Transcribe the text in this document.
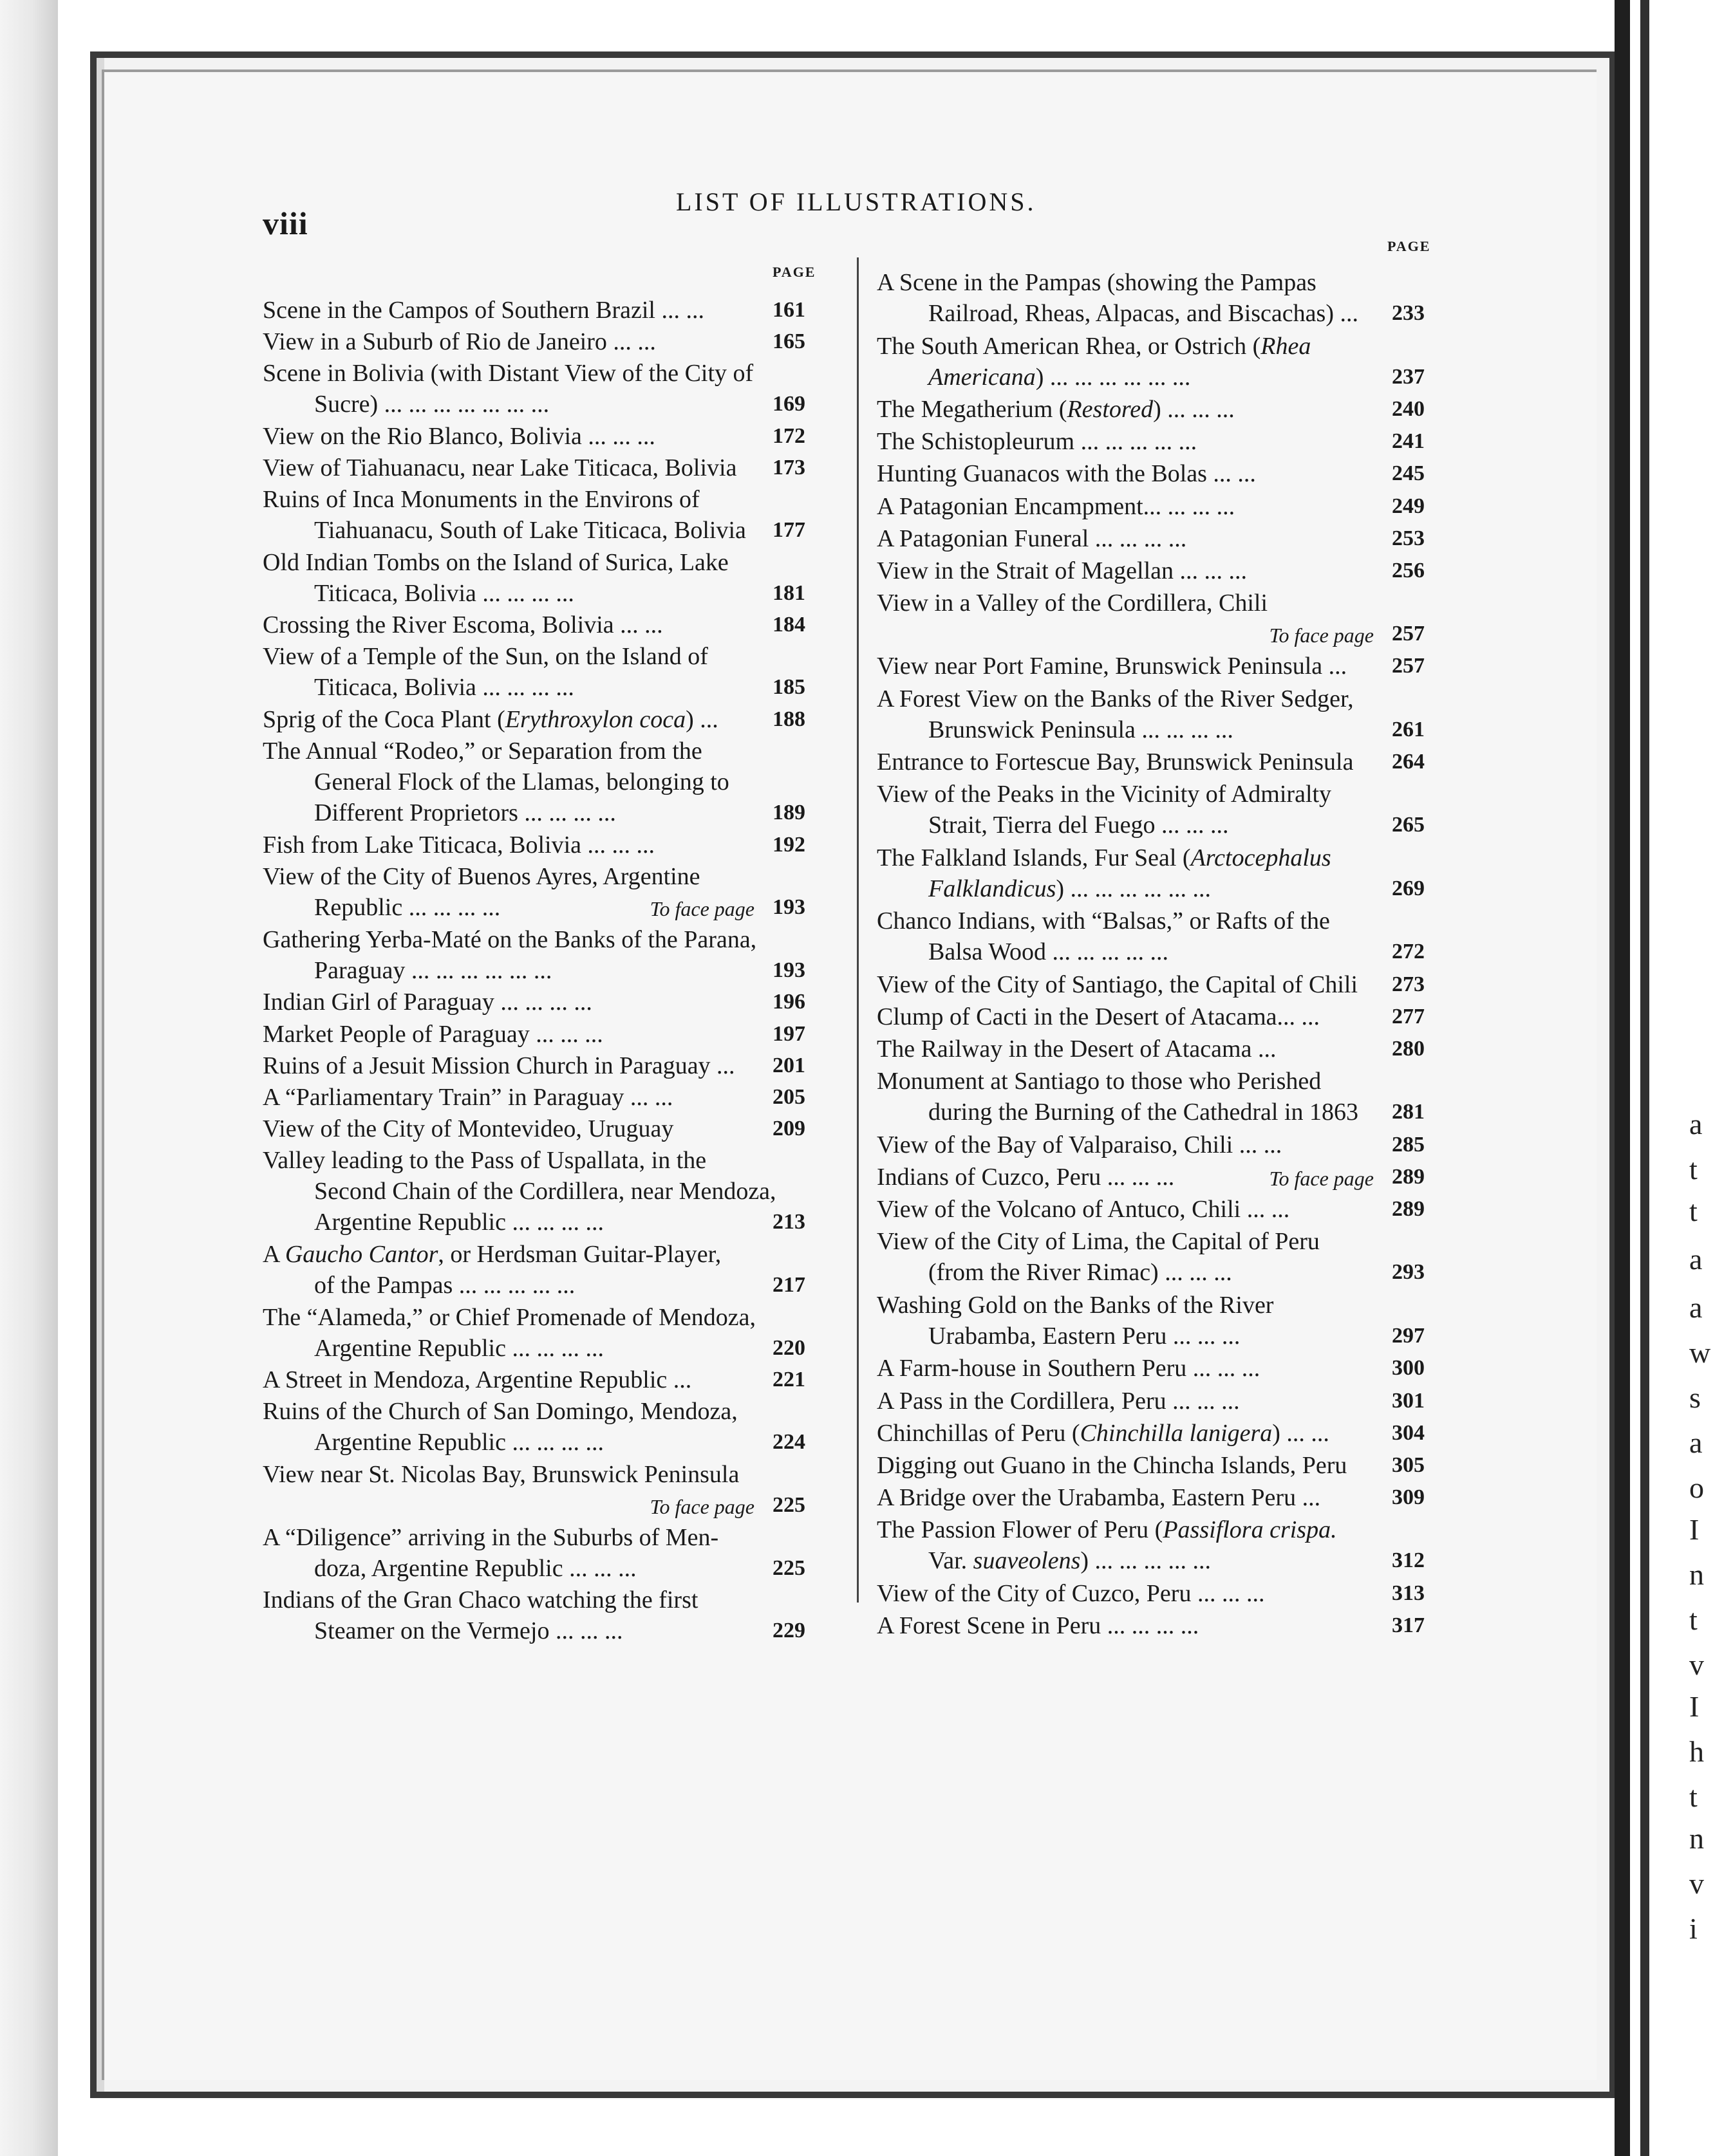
a
t
t
a
a
w
s
a
o
I
n
t
v
I
h
t
n
v
i
viii
LIST OF ILLUSTRATIONS.
PAGE
PAGE
Scene in the Campos of Southern Brazil ... ...	161
View in a Suburb of Rio de Janeiro ... ...	165
Scene in Bolivia (with Distant View of the City of
Sucre) ... ... ... ... ... ... ...	169
View on the Rio Blanco, Bolivia ... ... ...	172
View of Tiahuanacu, near Lake Titicaca, Bolivia 173
Ruins of Inca Monuments in the Environs of
Tiahuanacu, South of Lake Titicaca, Bolivia 177
Old Indian Tombs on the Island of Surica, Lake
Titicaca, Bolivia ... ... ... ...	181
Crossing the River Escoma, Bolivia ... ...	184
View of a Temple of the Sun, on the Island of
Titicaca, Bolivia ... ... ... ...	185
Sprig of the Coca Plant (Erythroxylon coca) ... 188
The Annual “Rodeo,” or Separation from the
General Flock of the Llamas, belonging to
Different Proprietors ... ... ... ...	189
Fish from Lake Titicaca, Bolivia ... ... ...	192
View of the City of Buenos Ayres, Argentine
Republic ... ... ... ...	To face page 193
Gathering Yerba-Maté on the Banks of the Parana,
Paraguay ... ... ... ... ... ...	193
Indian Girl of Paraguay ... ... ... ...	196
Market People of Paraguay ... ... ...	197
Ruins of a Jesuit Mission Church in Paraguay ... 201
A “Parliamentary Train” in Paraguay ... ...	205
View of the City of Montevideo, Uruguay	209
Valley leading to the Pass of Uspallata, in the
Second Chain of the Cordillera, near Mendoza,
Argentine Republic ... ... ... ...	213
A Gaucho Cantor, or Herdsman Guitar-Player,
of the Pampas ... ... ... ... ...	217
The “Alameda,” or Chief Promenade of Mendoza,
Argentine Republic ... ... ... ...	220
A Street in Mendoza, Argentine Republic ...	221
Ruins of the Church of San Domingo, Mendoza,
Argentine Republic ... ... ... ...	224
View near St. Nicolas Bay, Brunswick Peninsula
To face page 225
A “Diligence” arriving in the Suburbs of Men-
doza, Argentine Republic ... ... ...	225
Indians of the Gran Chaco watching the first
Steamer on the Vermejo ... ... ...	229
A Scene in the Pampas (showing the Pampas
Railroad, Rheas, Alpacas, and Biscachas) ... 233
The South American Rhea, or Ostrich (Rhea
Americana) ... ... ... ... ... ...	237
The Megatherium (Restored) ... ... ...	240
The Schistopleurum ... ... ... ... ...	241
Hunting Guanacos with the Bolas ... ...	245
A Patagonian Encampment... ... ... ...	249
A Patagonian Funeral ... ... ... ...	253
View in the Strait of Magellan ... ... ...	256
View in a Valley of the Cordillera, Chili
To face page 257
View near Port Famine, Brunswick Peninsula ... 257
A Forest View on the Banks of the River Sedger,
Brunswick Peninsula ... ... ... ...	261
Entrance to Fortescue Bay, Brunswick Peninsula 264
View of the Peaks in the Vicinity of Admiralty
Strait, Tierra del Fuego ... ... ...	265
The Falkland Islands, Fur Seal (Arctocephalus
Falklandicus) ... ... ... ... ... ...	269
Chanco Indians, with “Balsas,” or Rafts of the
Balsa Wood ... ... ... ... ...	272
View of the City of Santiago, the Capital of Chili 273
Clump of Cacti in the Desert of Atacama... ...	277
The Railway in the Desert of Atacama ...	280
Monument at Santiago to those who Perished
during the Burning of the Cathedral in 1863 281
View of the Bay of Valparaiso, Chili ... ...	285
Indians of Cuzco, Peru ... ... ...	To face page 289
View of the Volcano of Antuco, Chili ... ...	289
View of the City of Lima, the Capital of Peru
(from the River Rimac) ... ... ...	293
Washing Gold on the Banks of the River
Urabamba, Eastern Peru ... ... ...	297
A Farm-house in Southern Peru ... ... ...	300
A Pass in the Cordillera, Peru ... ... ...	301
Chinchillas of Peru (Chinchilla lanigera) ... ...	304
Digging out Guano in the Chincha Islands, Peru 305
A Bridge over the Urabamba, Eastern Peru ...	309
The Passion Flower of Peru (Passiflora crispa.
Var. suaveolens) ... ... ... ... ...	312
View of the City of Cuzco, Peru ... ... ...	313
A Forest Scene in Peru ... ... ... ...	317
